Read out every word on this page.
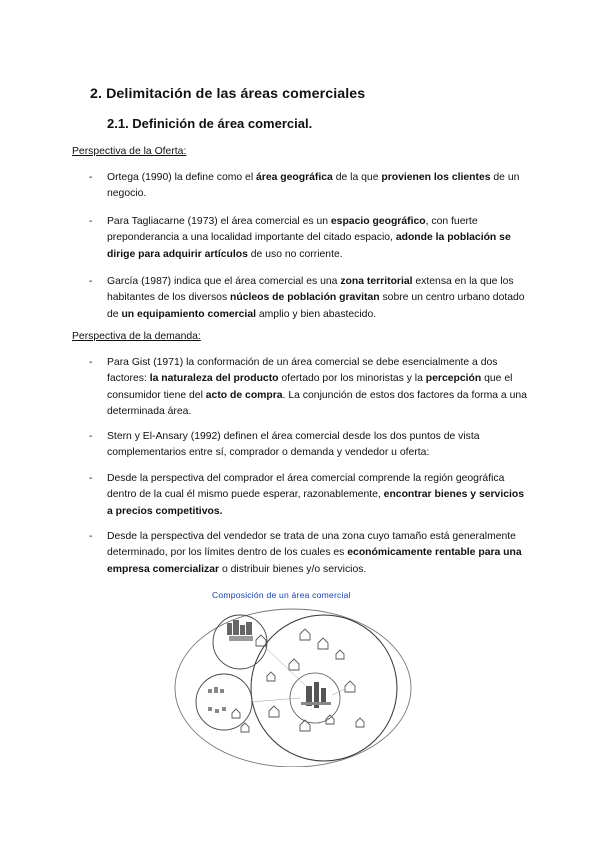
2. Delimitación de las áreas comerciales
2.1. Definición de área comercial.
Perspectiva de la Oferta:
- Ortega (1990) la define como el área geográfica de la que provienen los clientes de un negocio.
- Para Tagliacarne (1973) el área comercial es un espacio geográfico, con fuerte preponderancia a una localidad importante del citado espacio, adonde la población se dirige para adquirir artículos de uso no corriente.
- García (1987) indica que el área comercial es una zona territorial extensa en la que los habitantes de los diversos núcleos de población gravitan sobre un centro urbano dotado de un equipamiento comercial amplio y bien abastecido.
Perspectiva de la demanda:
- Para Gist (1971) la conformación de un área comercial se debe esencialmente a dos factores: la naturaleza del producto ofertado por los minoristas y la percepción que el consumidor tiene del acto de compra. La conjunción de estos dos factores da forma a una determinada área.
- Stern y El-Ansary (1992) definen el área comercial desde los dos puntos de vista complementarios entre sí, comprador o demanda y vendedor u oferta:
- Desde la perspectiva del comprador el área comercial comprende la región geográfica dentro de la cual él mismo puede esperar, razonablemente, encontrar bienes y servicios a precios competitivos.
- Desde la perspectiva del vendedor se trata de una zona cuyo tamaño está generalmente determinado, por los límites dentro de los cuales es económicamente rentable para una empresa comercializar o distribuir bienes y/o servicios.
Composición de un área comercial
